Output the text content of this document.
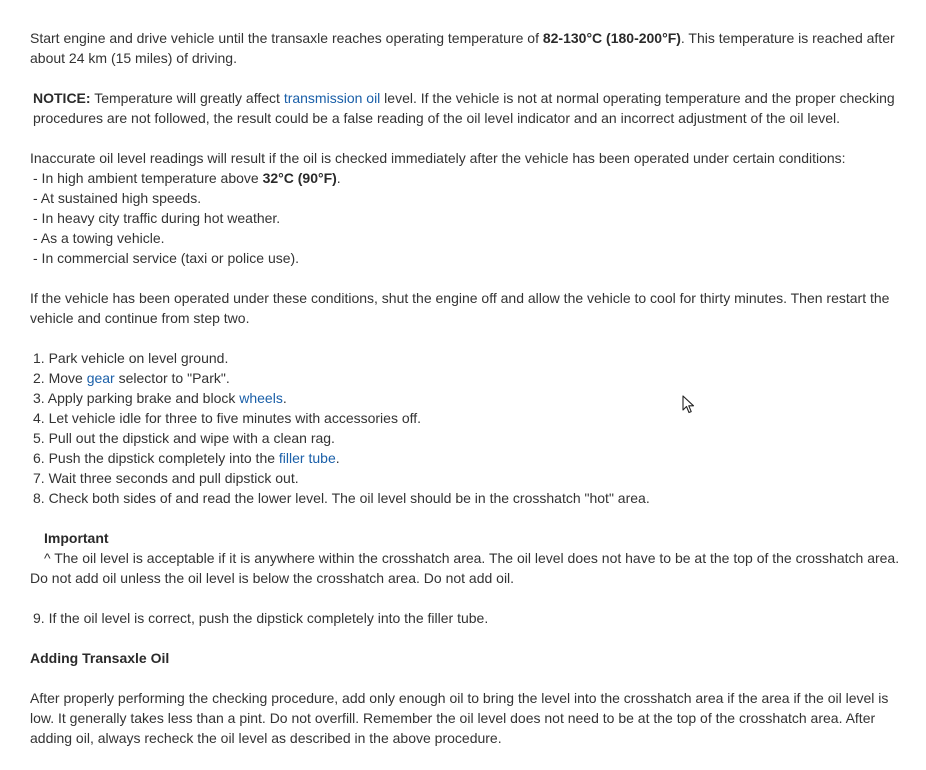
Start engine and drive vehicle until the transaxle reaches operating temperature of 82-130°C (180-200°F). This temperature is reached after about 24 km (15 miles) of driving.

NOTICE: Temperature will greatly affect transmission oil level. If the vehicle is not at normal operating temperature and the proper checking procedures are not followed, the result could be a false reading of the oil level indicator and an incorrect adjustment of the oil level.

Inaccurate oil level readings will result if the oil is checked immediately after the vehicle has been operated under certain conditions:

- In high ambient temperature above 32°C (90°F).

- At sustained high speeds.

- In heavy city traffic during hot weather.

- As a towing vehicle.

- In commercial service (taxi or police use).

If the vehicle has been operated under these conditions, shut the engine off and allow the vehicle to cool for thirty minutes. Then restart the vehicle and continue from step two.

1. Park vehicle on level ground.

2. Move gear selector to "Park".

3. Apply parking brake and block wheels.

4. Let vehicle idle for three to five minutes with accessories off.

5. Pull out the dipstick and wipe with a clean rag.

6. Push the dipstick completely into the filler tube.

7. Wait three seconds and pull dipstick out.

8. Check both sides of and read the lower level. The oil level should be in the crosshatch "hot" area.

Important

^ The oil level is acceptable if it is anywhere within the crosshatch area. The oil level does not have to be at the top of the crosshatch area. Do not add oil unless the oil level is below the crosshatch area. Do not add oil.

9. If the oil level is correct, push the dipstick completely into the filler tube.

Adding Transaxle Oil

After properly performing the checking procedure, add only enough oil to bring the level into the crosshatch area if the area if the oil level is low. It generally takes less than a pint. Do not overfill. Remember the oil level does not need to be at the top of the crosshatch area. After adding oil, always recheck the oil level as described in the above procedure.
